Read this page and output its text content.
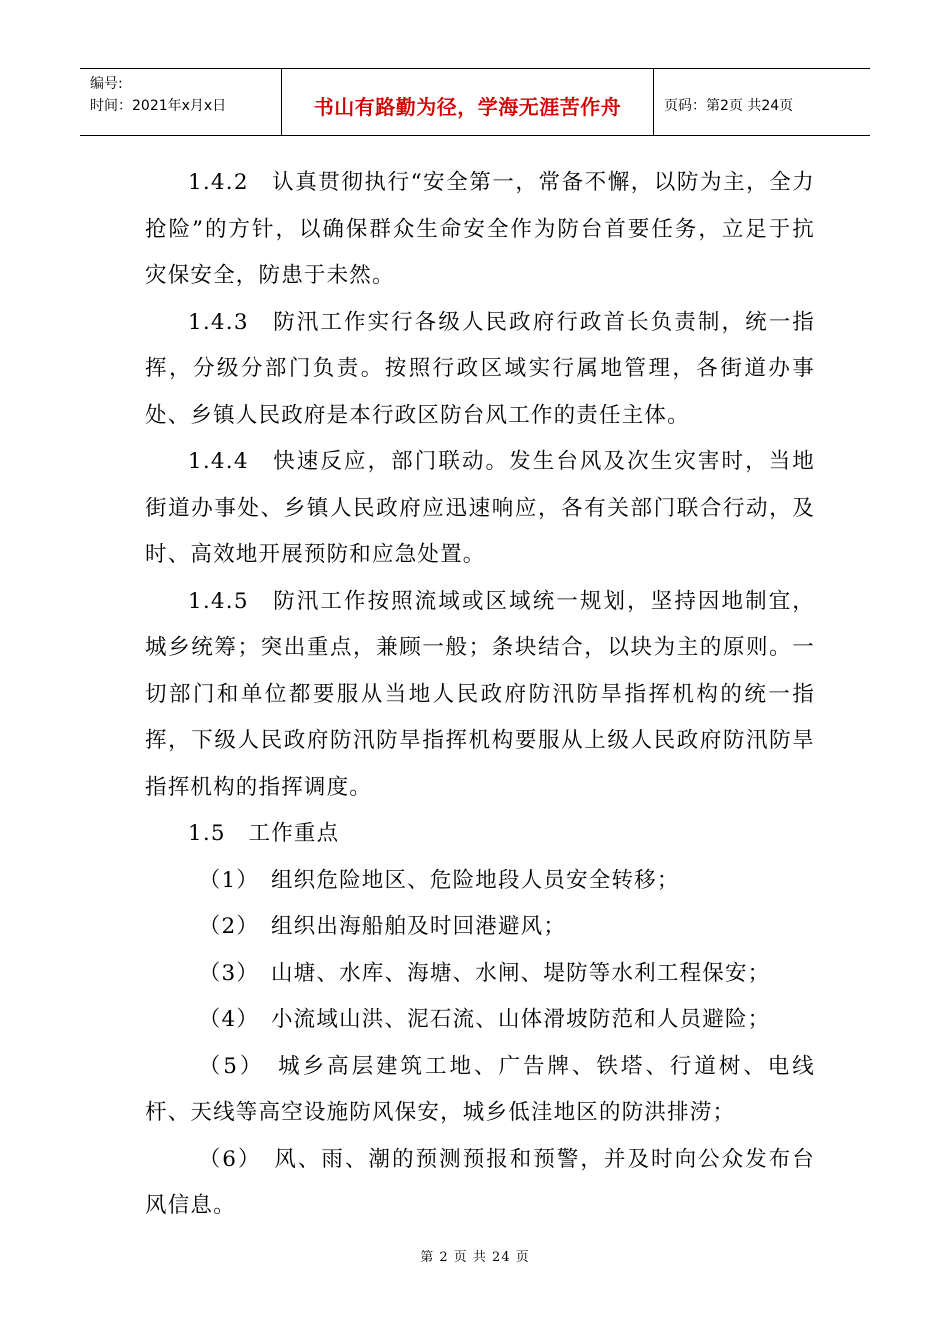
编号:
时间：2021年x月x日	书山有路勤为径，学海无涯苦作舟	页码：第2页 共24页

1.4.2　认真贯彻执行“安全第一，常备不懈，以防为主，全力抢险”的方针，以确保群众生命安全作为防台首要任务，立足于抗灾保安全，防患于未然。

1.4.3　防汛工作实行各级人民政府行政首长负责制，统一指挥，分级分部门负责。按照行政区域实行属地管理，各街道办事处、乡镇人民政府是本行政区防台风工作的责任主体。

1.4.4　快速反应，部门联动。发生台风及次生灾害时，当地街道办事处、乡镇人民政府应迅速响应，各有关部门联合行动，及时、高效地开展预防和应急处置。

1.4.5　防汛工作按照流域或区域统一规划，坚持因地制宜，城乡统筹；突出重点，兼顾一般；条块结合，以块为主的原则。一切部门和单位都要服从当地人民政府防汛防旱指挥机构的统一指挥，下级人民政府防汛防旱指挥机构要服从上级人民政府防汛防旱指挥机构的指挥调度。

1.5　工作重点

（1）　组织危险地区、危险地段人员安全转移；

（2）　组织出海船舶及时回港避风；

（3）　山塘、水库、海塘、水闸、堤防等水利工程保安；

（4）　小流域山洪、泥石流、山体滑坡防范和人员避险；

（5）　城乡高层建筑工地、广告牌、铁塔、行道树、电线杆、天线等高空设施防风保安，城乡低洼地区的防洪排涝；

（6）　风、雨、潮的预测预报和预警，并及时向公众发布台风信息。

第 2 页 共 24 页
